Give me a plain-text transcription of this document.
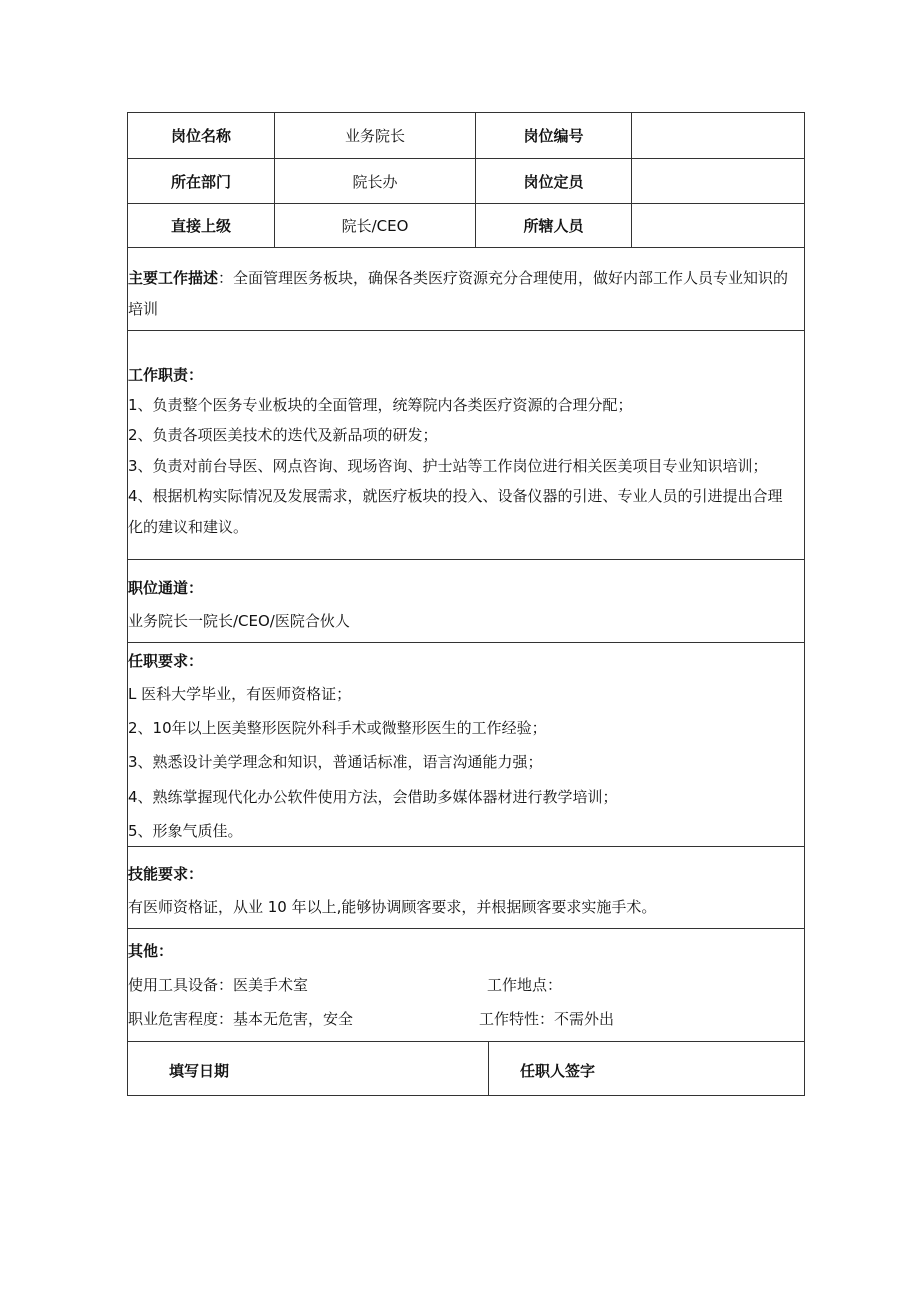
岗位名称	业务院长	岗位编号
所在部门	院长办	岗位定员
直接上级	院长/CEO	所辖人员
主要工作描述：全面管理医务板块，确保各类医疗资源充分合理使用，做好内部工作人员专业知识的培训
工作职责：
1、负责整个医务专业板块的全面管理，统筹院内各类医疗资源的合理分配；
2、负责各项医美技术的迭代及新品项的研发；
3、负责对前台导医、网点咨询、现场咨询、护士站等工作岗位进行相关医美项目专业知识培训；
4、根据机构实际情况及发展需求，就医疗板块的投入、设备仪器的引进、专业人员的引进提出合理化的建议和建议。
职位通道：
业务院长一院长/CEO/医院合伙人
任职要求：
L 医科大学毕业，有医师资格证；
2、10年以上医美整形医院外科手术或微整形医生的工作经验；
3、熟悉设计美学理念和知识，普通话标准，语言沟通能力强；
4、熟练掌握现代化办公软件使用方法，会借助多媒体器材进行教学培训；
5、形象气质佳。
技能要求：
有医师资格证，从业 10 年以上,能够协调顾客要求，并根据顾客要求实施手术。
其他：
使用工具设备：医美手术室	工作地点：
职业危害程度：基本无危害，安全	工作特性：不需外出
填写日期	任职人签字
